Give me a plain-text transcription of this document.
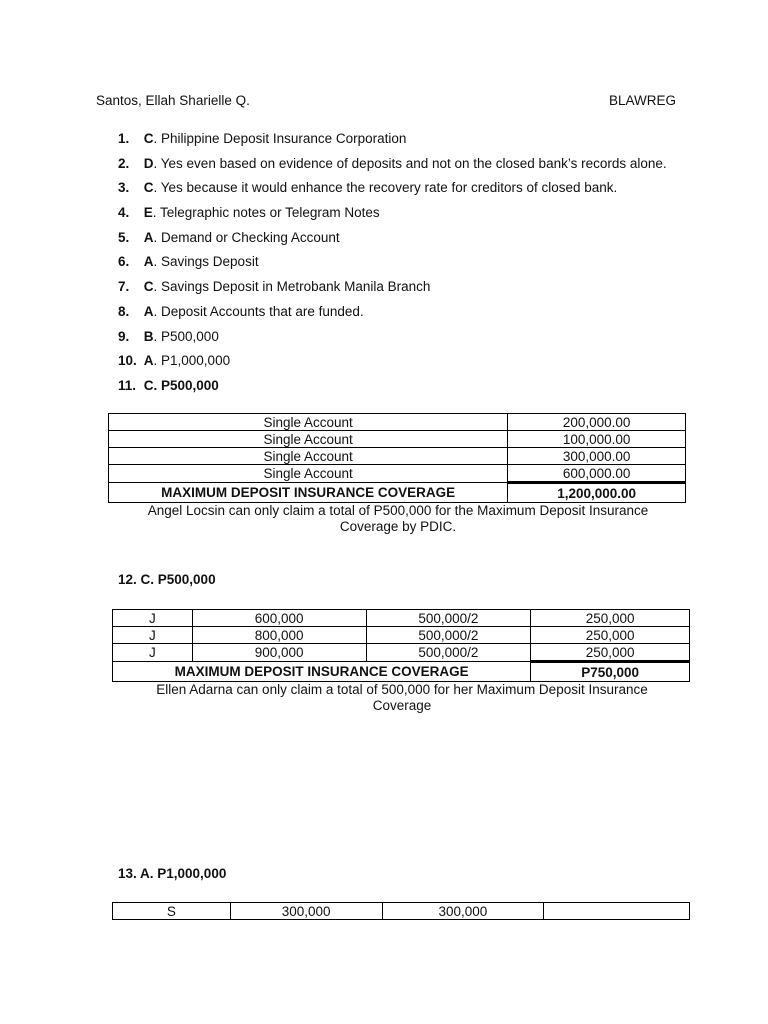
Santos, Ellah Sharielle Q.	BLAWREG
1. C. Philippine Deposit Insurance Corporation
2. D. Yes even based on evidence of deposits and not on the closed bank’s records alone.
3. C. Yes because it would enhance the recovery rate for creditors of closed bank.
4. E. Telegraphic notes or Telegram Notes
5. A. Demand or Checking Account
6. A. Savings Deposit
7. C. Savings Deposit in Metrobank Manila Branch
8. A. Deposit Accounts that are funded.
9. B. P500,000
10. A. P1,000,000
11. C. P500,000
Single Account	200,000.00
Single Account	100,000.00
Single Account	300,000.00
Single Account	600,000.00
MAXIMUM DEPOSIT INSURANCE COVERAGE	1,200,000.00
Angel Locsin can only claim a total of P500,000 for the Maximum Deposit Insurance Coverage by PDIC.
12. C. P500,000
J	600,000	500,000/2	250,000
J	800,000	500,000/2	250,000
J	900,000	500,000/2	250,000
MAXIMUM DEPOSIT INSURANCE COVERAGE			P750,000
Ellen Adarna can only claim a total of 500,000 for her Maximum Deposit Insurance Coverage
13. A. P1,000,000
S	300,000	300,000	
